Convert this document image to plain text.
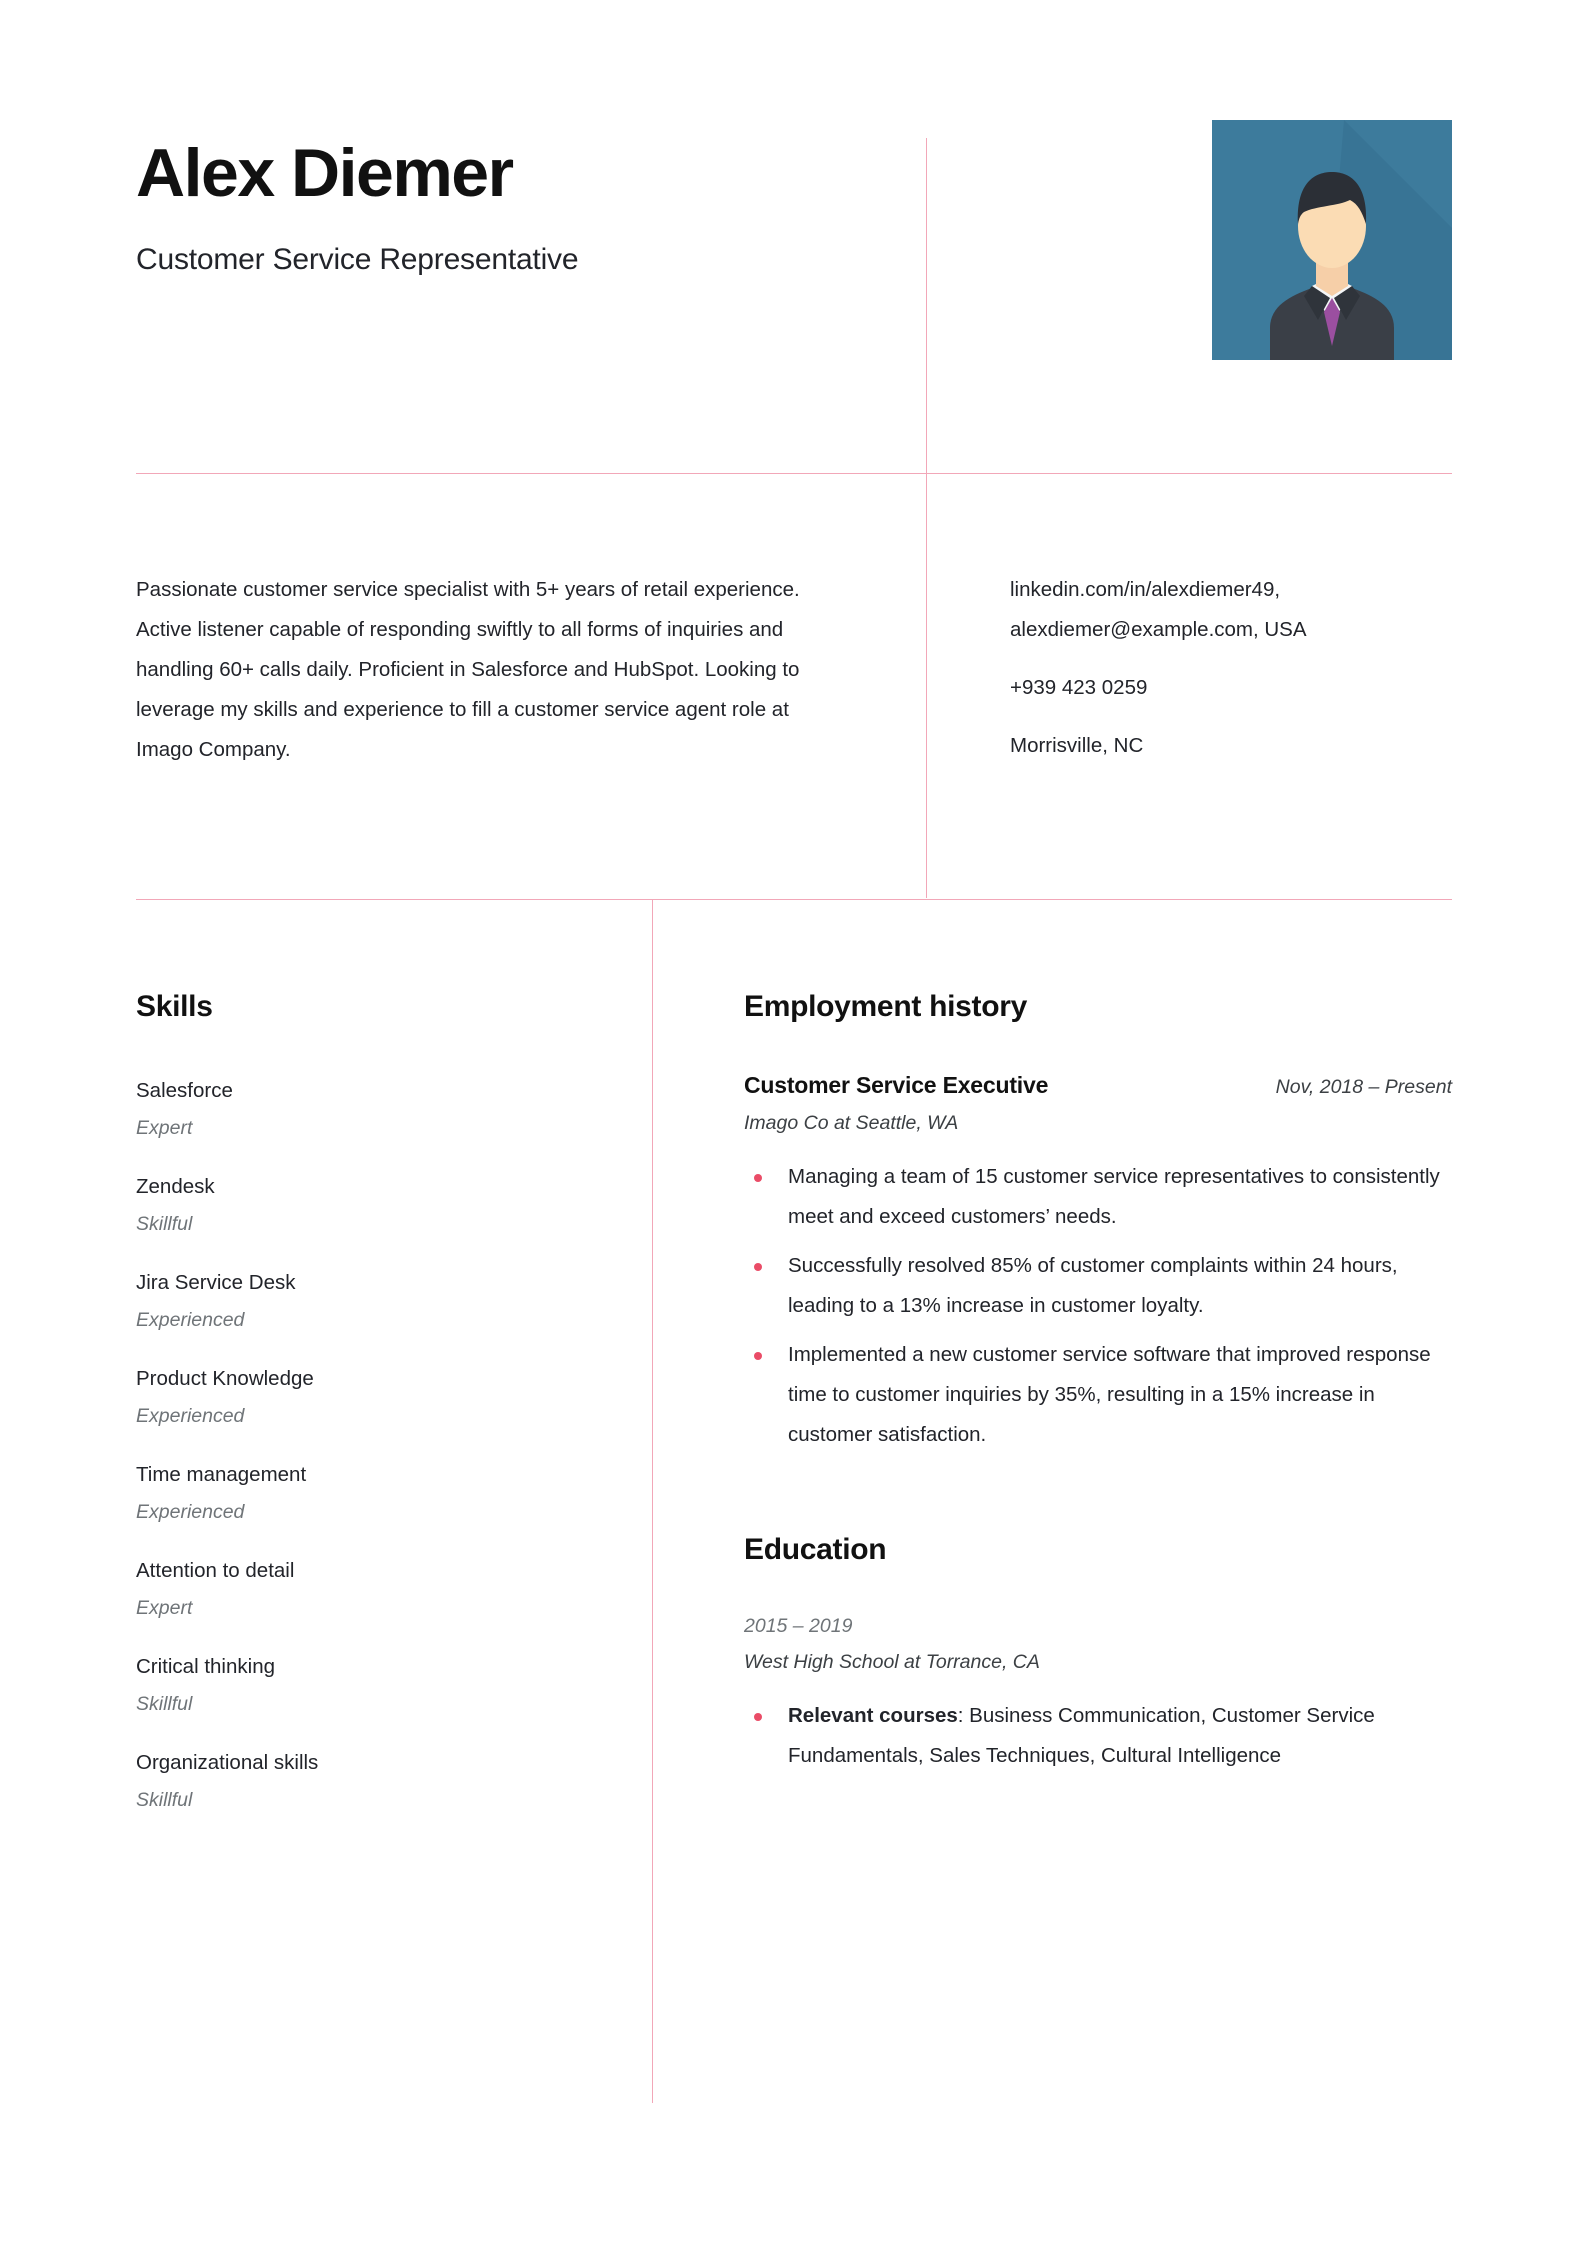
Alex Diemer
Customer Service Representative
Passionate customer service specialist with 5+ years of retail experience. Active listener capable of responding swiftly to all forms of inquiries and handling 60+ calls daily. Proficient in Salesforce and HubSpot. Looking to leverage my skills and experience to fill a customer service agent role at Imago Company.

linkedin.com/in/alexdiemer49, alexdiemer@example.com, USA

+939 423 0259

Morrisville, NC

Skills
Salesforce
Expert
Zendesk
Skillful
Jira Service Desk
Experienced
Product Knowledge
Experienced
Time management
Experienced
Attention to detail
Expert
Critical thinking
Skillful
Organizational skills
Skillful
Employment history
Customer Service Executive	Nov, 2018 – Present
Imago Co at Seattle, WA
Managing a team of 15 customer service representatives to consistently meet and exceed customers’ needs.
Successfully resolved 85% of customer complaints within 24 hours, leading to a 13% increase in customer loyalty.
Implemented a new customer service software that improved response time to customer inquiries by 35%, resulting in a 15% increase in customer satisfaction.
Education
2015 – 2019
West High School at Torrance, CA
Relevant courses: Business Communication, Customer Service Fundamentals, Sales Techniques, Cultural Intelligence
